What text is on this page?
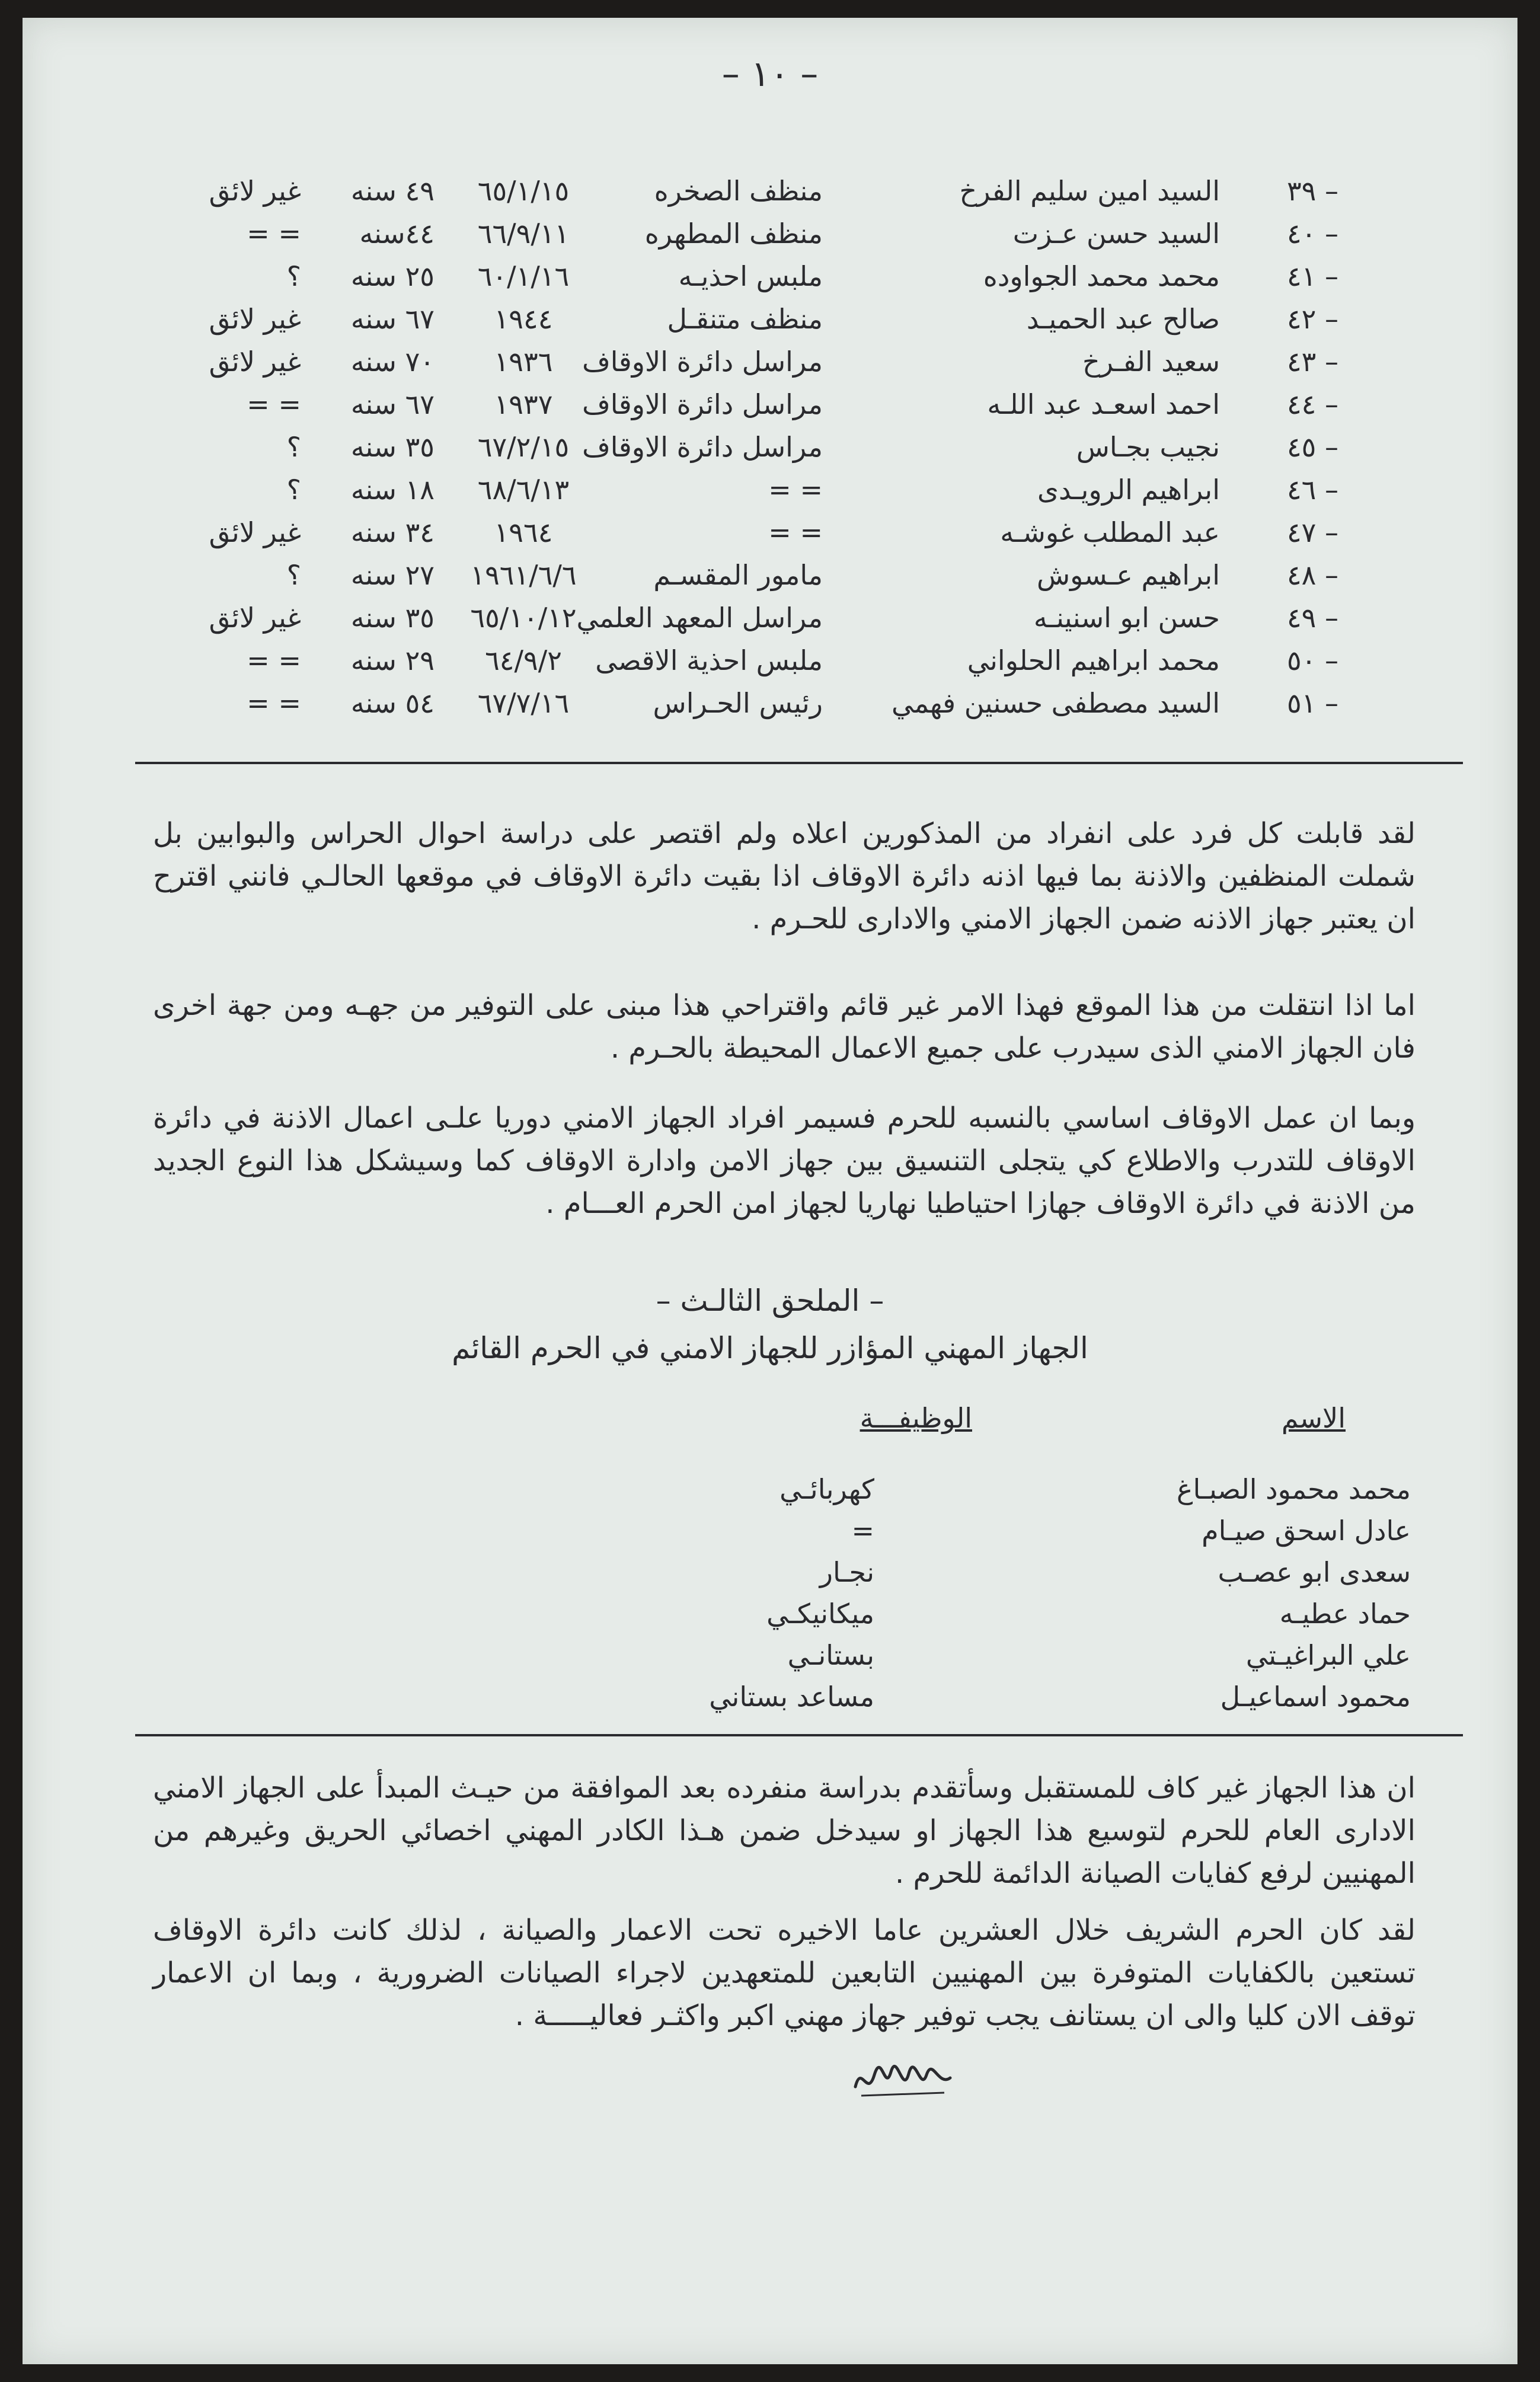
– ١٠ –
٣٩ –
السيد امين سليم الفرخ
منظف الصخره
٦٥/١/١٥
٤٩ سنه
غير لائق
٤٠ –
السيد حسن عـزت
منظف المطهره
٦٦/٩/١١
٤٤سنه
= =
٤١ –
محمد محمد الجواوده
ملبس احذيـه
٦٠/١/١٦
٢٥ سنه
؟
٤٢ –
صالح عبد الحميـد
منظف متنقـل
١٩٤٤
٦٧ سنه
غير لائق
٤٣ –
سعيد الفـرخ
مراسل دائرة الاوقاف
١٩٣٦
٧٠ سنه
غير لائق
٤٤ –
احمد اسعـد عبد اللـه
مراسل دائرة الاوقاف
١٩٣٧
٦٧ سنه
= =
٤٥ –
نجيب بجـاس
مراسل دائرة الاوقاف
٦٧/٢/١٥
٣٥ سنه
؟
٤٦ –
ابراهيم الرويـدى
= =
٦٨/٦/١٣
١٨ سنه
؟
٤٧ –
عبد المطلب غوشـه
= =
١٩٦٤
٣٤ سنه
غير لائق
٤٨ –
ابراهيم عـسوش
مامور المقسـم
١٩٦١/٦/٦
٢٧ سنه
؟
٤٩ –
حسن ابو اسنينـه
مراسل المعهد العلمي
٦٥/١٠/١٢
٣٥ سنه
غير لائق
٥٠ –
محمد ابراهيم الحلواني
ملبس احذية الاقصى
٦٤/٩/٢
٢٩ سنه
= =
٥١ –
السيد مصطفى حسنين فهمي
رئيس الحـراس
٦٧/٧/١٦
٥٤ سنه
= =
لقد قابلت كل فرد على انفراد من المذكورين اعلاه ولم اقتصر على دراسة احوال الحراس والبوابين بل شملت المنظفين والاذنة بما فيها اذنه دائرة الاوقاف اذا بقيت دائرة الاوقاف في موقعها الحالـي فانني اقترح ان يعتبر جهاز الاذنه ضمن الجهاز الامني والادارى للحـرم .
اما اذا انتقلت من هذا الموقع فهذا الامر غير قائم واقتراحي هذا مبنى على التوفير من جهـه ومن جهة اخرى فان الجهاز الامني الذى سيدرب على جميع الاعمال المحيطة بالحـرم .
وبما ان عمل الاوقاف اساسي بالنسبه للحرم فسيمر افراد الجهاز الامني دوريا علـى اعمال الاذنة في دائرة الاوقاف للتدرب والاطلاع كي يتجلى التنسيق بين جهاز الامن وادارة الاوقاف كما وسيشكل هذا النوع الجديد من الاذنة في دائرة الاوقاف جهازا احتياطيا نهاريا لجهاز امن الحرم العـــام .
– الملحق الثالـث –
الجهاز المهني المؤازر للجهاز الامني في الحرم القائم
الاسم
الوظيفـــة
محمد محمود الصبـاغ
كهربائـي
عادل اسحق صيـام
=
سعدى ابو عصـب
نجـار
حماد عطيـه
ميكانيكـي
علي البراغيـتي
بستانـي
محمود اسماعيـل
مساعد بستاني
ان هذا الجهاز غير كاف للمستقبل وسأتقدم بدراسة منفرده بعد الموافقة من حيـث المبدأ على الجهاز الامني الادارى العام للحرم لتوسيع هذا الجهاز او سيدخل ضمن هـذا الكادر المهني اخصائي الحريق وغيرهم من المهنيين لرفع كفايات الصيانة الدائمة للحرم .
لقد كان الحرم الشريف خلال العشرين عاما الاخيره تحت الاعمار والصيانة ، لذلك كانت دائرة الاوقاف تستعين بالكفايات المتوفرة بين المهنيين التابعين للمتعهدين لاجراء الصيانات الضرورية ، وبما ان الاعمار توقف الان كليا والى ان يستانف يجب توفير جهاز مهني اكبر واكثـر فعاليـــــة .
